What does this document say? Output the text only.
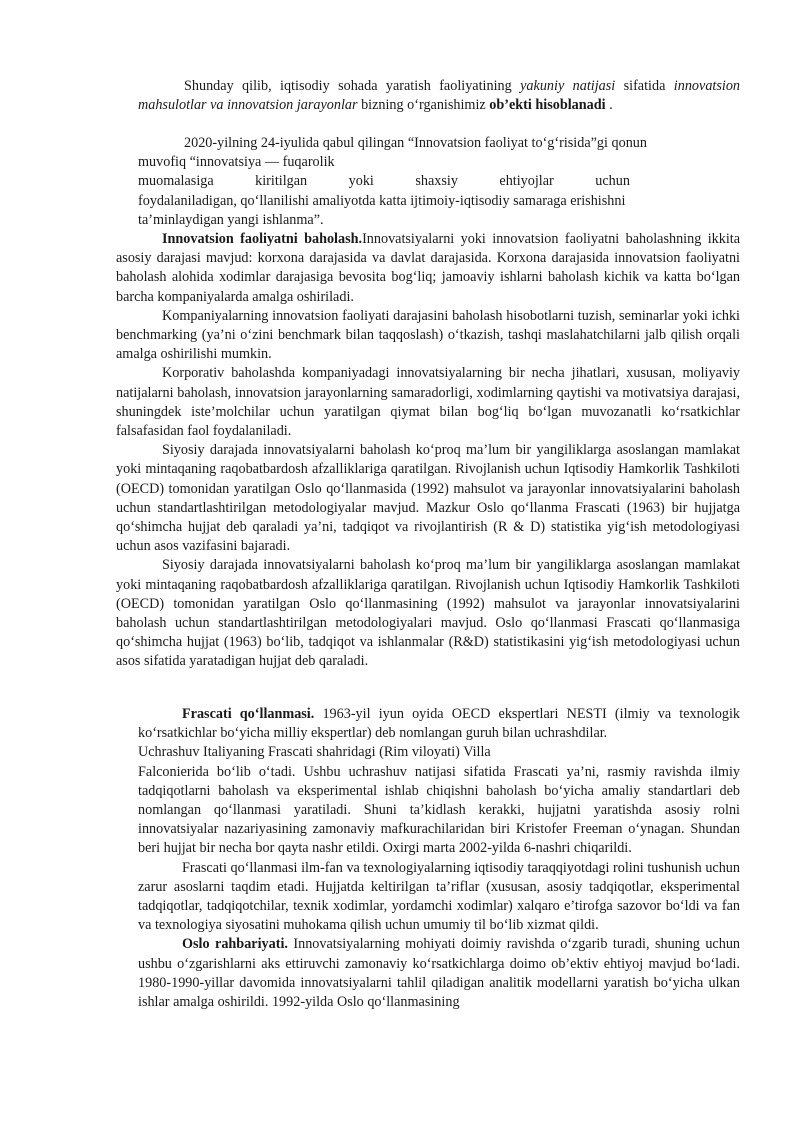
Shunday qilib, iqtisodiy sohada yaratish faoliyatining yakuniy natijasi sifatida innovatsion mahsulotlar va innovatsion jarayonlar bizning o‘rganishimiz ob’ekti hisoblanadi .

2020-yilning 24-iyulida qabul qilingan “Innovatsion faoliyat to‘g‘risida”gi qonun
muvofiq “innovatsiya — fuqarolik
muomalasiga	kiritilgan	yoki	shaxsiy	ehtiyojlar	uchun
foydalaniladigan, qo‘llanilishi amaliyotda katta ijtimoiy-iqtisodiy samaraga erishishni
ta’minlaydigan yangi ishlanma”.

Innovatsion faoliyatni baholash.Innovatsiyalarni yoki innovatsion faoliyatni baholashning ikkita asosiy darajasi mavjud: korxona darajasida va davlat darajasida. Korxona darajasida innovatsion faoliyatni baholash alohida xodimlar darajasiga bevosita bog‘liq; jamoaviy ishlarni baholash kichik va katta bo‘lgan barcha kompaniyalarda amalga oshiriladi.

Kompaniyalarning innovatsion faoliyati darajasini baholash hisobotlarni tuzish, seminarlar yoki ichki benchmarking (ya’ni o‘zini benchmark bilan taqqoslash) o‘tkazish, tashqi maslahatchilarni jalb qilish orqali amalga oshirilishi mumkin.

Korporativ baholashda kompaniyadagi innovatsiyalarning bir necha jihatlari, xususan, moliyaviy natijalarni baholash, innovatsion jarayonlarning samaradorligi, xodimlarning qaytishi va motivatsiya darajasi, shuningdek iste’molchilar uchun yaratilgan qiymat bilan bog‘liq bo‘lgan muvozanatli ko‘rsatkichlar falsafasidan faol foydalaniladi.

Siyosiy darajada innovatsiyalarni baholash ko‘proq ma’lum bir yangiliklarga asoslangan mamlakat yoki mintaqaning raqobatbardosh afzalliklariga qaratilgan. Rivojlanish uchun Iqtisodiy Hamkorlik Tashkiloti (OECD) tomonidan yaratilgan Oslo qo‘llanmasida (1992) mahsulot va jarayonlar innovatsiyalarini baholash uchun standartlashtirilgan metodologiyalar mavjud. Mazkur Oslo qo‘llanma Frascati (1963) bir hujjatga qo‘shimcha hujjat deb qaraladi ya’ni, tadqiqot va rivojlantirish (R & D) statistika yig‘ish metodologiyasi uchun asos vazifasini bajaradi.

Siyosiy darajada innovatsiyalarni baholash ko‘proq ma’lum bir yangiliklarga asoslangan mamlakat yoki mintaqaning raqobatbardosh afzalliklariga qaratilgan. Rivojlanish uchun Iqtisodiy Hamkorlik Tashkiloti (OECD) tomonidan yaratilgan Oslo qo‘llanmasining (1992) mahsulot va jarayonlar innovatsiyalarini baholash uchun standartlashtirilgan metodologiyalari mavjud. Oslo qo‘llanmasi Frascati qo‘llanmasiga qo‘shimcha hujjat (1963) bo‘lib, tadqiqot va ishlanmalar (R&D) statistikasini yig‘ish metodologiyasi uchun asos sifatida yaratadigan hujjat deb qaraladi.

Frascati qo‘llanmasi. 1963-yil iyun oyida OECD ekspertlari NESTI (ilmiy va texnologik ko‘rsatkichlar bo‘yicha milliy ekspertlar) deb nomlangan guruh bilan uchrashdilar.

Uchrashuv Italiyaning Frascati shahridagi (Rim viloyati) Villa

Falconierida bo‘lib o‘tadi. Ushbu uchrashuv natijasi sifatida Frascati ya’ni, rasmiy ravishda ilmiy tadqiqotlarni baholash va eksperimental ishlab chiqishni baholash bo‘yicha amaliy standartlari deb nomlangan qo‘llanmasi yaratiladi. Shuni ta’kidlash kerakki, hujjatni yaratishda asosiy rolni innovatsiyalar nazariyasining zamonaviy mafkurachilaridan biri Kristofer Freeman o‘ynagan. Shundan beri hujjat bir necha bor qayta nashr etildi. Oxirgi marta 2002-yilda 6-nashri chiqarildi.

Frascati qo‘llanmasi ilm-fan va texnologiyalarning iqtisodiy taraqqiyotdagi rolini tushunish uchun zarur asoslarni taqdim etadi. Hujjatda keltirilgan ta’riflar (xususan, asosiy tadqiqotlar, eksperimental tadqiqotlar, tadqiqotchilar, texnik xodimlar, yordamchi xodimlar) xalqaro e’tirofga sazovor bo‘ldi va fan va texnologiya siyosatini muhokama qilish uchun umumiy til bo‘lib xizmat qildi.

Oslo rahbariyati. Innovatsiyalarning mohiyati doimiy ravishda o‘zgarib turadi, shuning uchun ushbu o‘zgarishlarni aks ettiruvchi zamonaviy ko‘rsatkichlarga doimo ob’ektiv ehtiyoj mavjud bo‘ladi. 1980-1990-yillar davomida innovatsiyalarni tahlil qiladigan analitik modellarni yaratish bo‘yicha ulkan ishlar amalga oshirildi. 1992-yilda Oslo qo‘llanmasining
